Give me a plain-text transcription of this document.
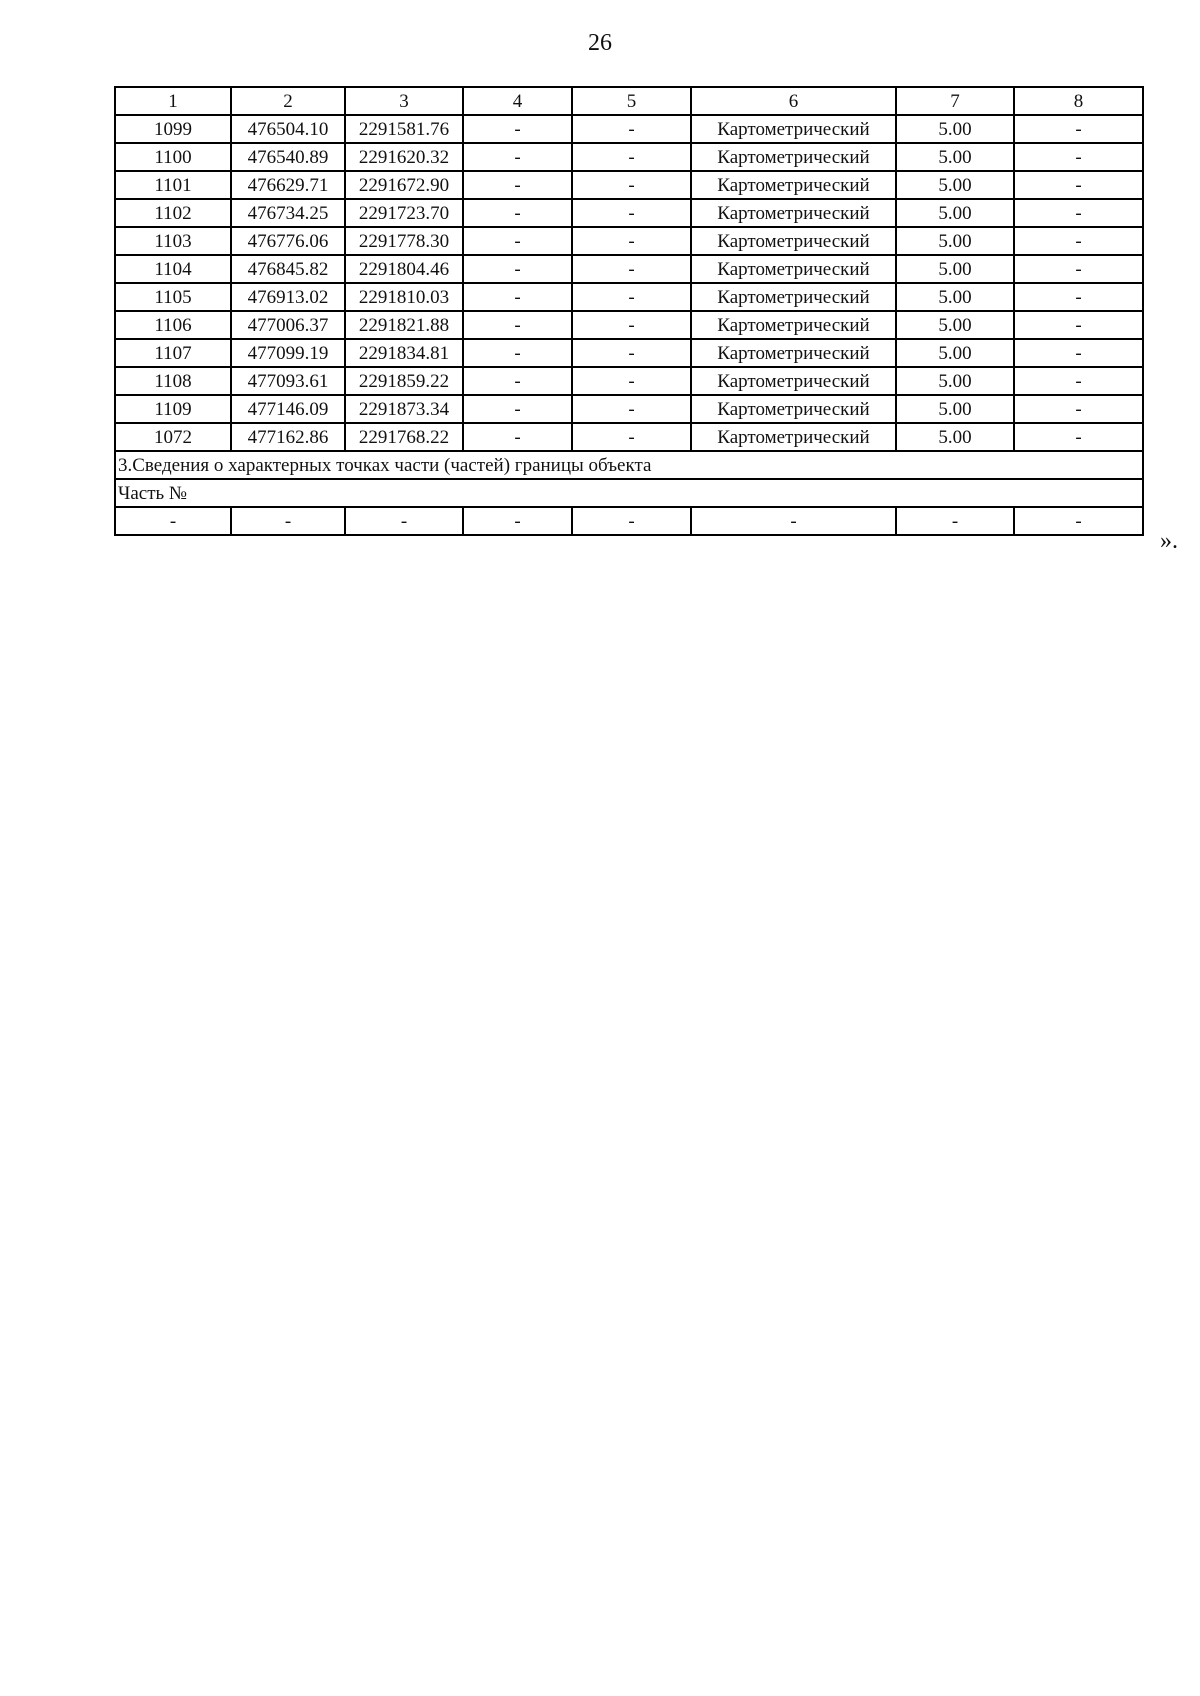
26
1	2	3	4	5	6	7	8
1099	476504.10	2291581.76	-	-	Картометрический	5.00	-
1100	476540.89	2291620.32	-	-	Картометрический	5.00	-
1101	476629.71	2291672.90	-	-	Картометрический	5.00	-
1102	476734.25	2291723.70	-	-	Картометрический	5.00	-
1103	476776.06	2291778.30	-	-	Картометрический	5.00	-
1104	476845.82	2291804.46	-	-	Картометрический	5.00	-
1105	476913.02	2291810.03	-	-	Картометрический	5.00	-
1106	477006.37	2291821.88	-	-	Картометрический	5.00	-
1107	477099.19	2291834.81	-	-	Картометрический	5.00	-
1108	477093.61	2291859.22	-	-	Картометрический	5.00	-
1109	477146.09	2291873.34	-	-	Картометрический	5.00	-
1072	477162.86	2291768.22	-	-	Картометрический	5.00	-
3.Сведения о характерных точках части (частей) границы объекта							
Часть №							
-	-	-	-	-	-	-	-
».
